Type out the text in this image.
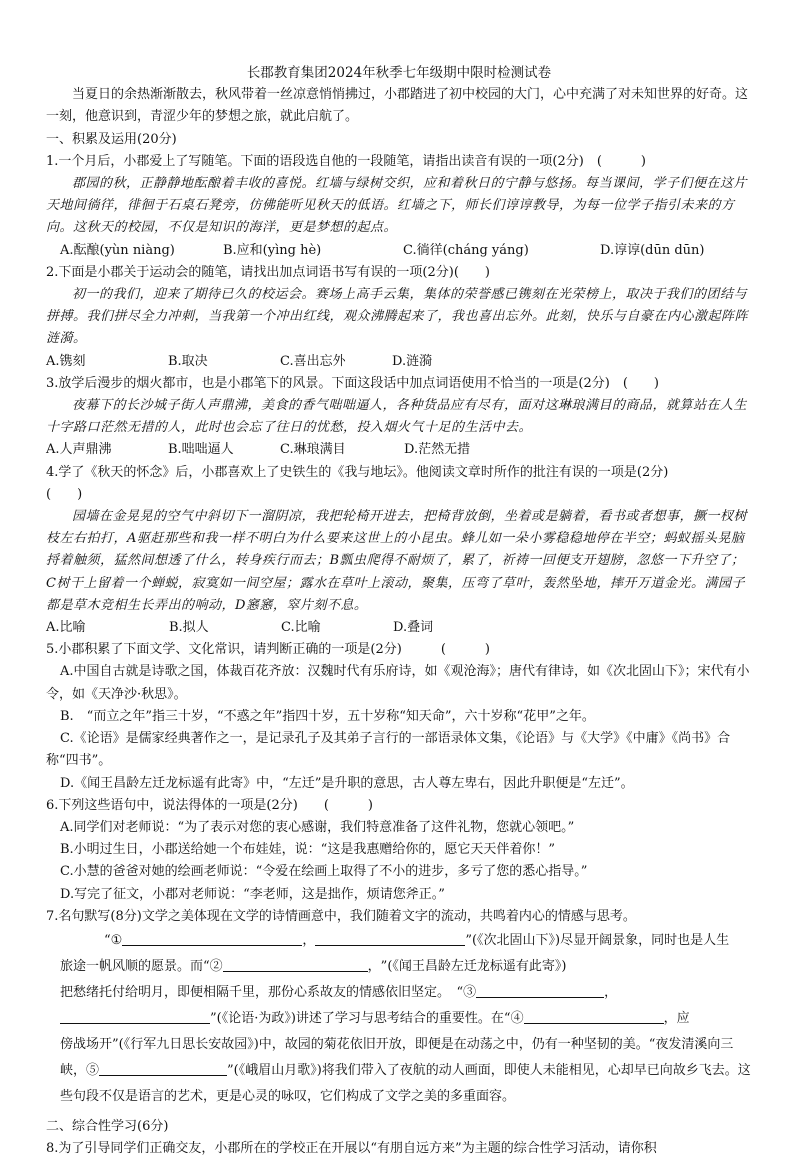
长郡教育集团2024年秋季七年级期中限时检测试卷

当夏日的余热渐渐散去，秋风带着一丝凉意悄悄拂过，小郡踏进了初中校园的大门，心中充满了对未知世界的好奇。这一刻，他意识到，青涩少年的梦想之旅，就此启航了。

一、积累及运用(20分)

1.一个月后，小郡爱上了写随笔。下面的语段选自他的一段随笔，请指出读音有误的一项(2分)　(　　　)

郡园的秋，正静静地酝酿着丰收的喜悦。红墙与绿树交织，应和着秋日的宁静与悠扬。每当课间，学子们便在这片天地间徜徉，徘徊于石桌石凳旁，仿佛能听见秋天的低语。红墙之下，师长们谆谆教导，为每一位学子指引未来的方向。这秋天的校园，不仅是知识的海洋，更是梦想的起点。

A.酝酿(yùn niàng)	B.应和(yìng hè)	C.徜徉(cháng yáng)	D.谆谆(dūn dūn)

2.下面是小郡关于运动会的随笔，请找出加点词语书写有误的一项(2分)(　　)

初一的我们，迎来了期待已久的校运会。赛场上高手云集，集体的荣誉感已镌刻在光荣榜上，取决于我们的团结与拼搏。我们拼尽全力冲刺，当我第一个冲出红线，观众沸腾起来了，我也喜出忘外。此刻，快乐与自豪在内心激起阵阵涟漪。

A.镌刻	B.取决	C.喜出忘外	D.涟漪

3.放学后漫步的烟火都市，也是小郡笔下的风景。下面这段话中加点词语使用不恰当的一项是(2分)　(　　)

夜幕下的长沙城子街人声鼎沸，美食的香气咄咄逼人，各种货品应有尽有，面对这琳琅满目的商品，就算站在人生十字路口茫然无措的人，此时也会忘了往日的忧愁，投入烟火气十足的生活中去。

A.人声鼎沸	B.咄咄逼人	C.琳琅满目	D.茫然无措

4.学了《秋天的怀念》后，小郡喜欢上了史铁生的《我与地坛》。他阅读文章时所作的批注有误的一项是(2分)

(　　)

园墙在金晃晃的空气中斜切下一溜阴凉，我把轮椅开进去，把椅背放倒，坐着或是躺着，看书或者想事，撅一杈树枝左右拍打，A驱赶那些和我一样不明白为什么要来这世上的小昆虫。蜂儿如一朵小雾稳稳地停在半空；蚂蚁摇头晃脑捋着触须，猛然间想透了什么，转身疾行而去；B瓢虫爬得不耐烦了，累了，祈祷一回便支开翅膀，忽悠一下升空了；C树干上留着一个蝉蜕，寂寞如一间空屋；露水在草叶上滚动，聚集，压弯了草叶，轰然坠地，摔开万道金光。满园子都是草木竞相生长弄出的响动，D窸窸，窣片刻不息。

A.比喻	B.拟人	C.比喻	D.叠词

5.小郡积累了下面文学、文化常识，请判断正确的一项是(2分)　　　(　　　)

A.中国自古就是诗歌之国，体裁百花齐放：汉魏时代有乐府诗，如《观沧海》；唐代有律诗，如《次北固山下》；宋代有小令，如《天净沙·秋思》。

B.　“而立之年”指三十岁，“不惑之年”指四十岁，五十岁称“知天命”，六十岁称“花甲”之年。

C.《论语》是儒家经典著作之一，是记录孔子及其弟子言行的一部语录体文集，《论语》与《大学》《中庸》《尚书》合称“四书”。

D.《闻王昌龄左迁龙标遥有此寄》中，“左迁”是升职的意思，古人尊左卑右，因此升职便是“左迁”。

6.下列这些语句中，说法得体的一项是(2分)　　(　　　)

A.同学们对老师说：“为了表示对您的衷心感谢，我们特意准备了这件礼物，您就心领吧。”

B.小明过生日，小郡送给她一个布娃娃，说：“这是我惠赠给你的，愿它天天伴着你！”

C.小慧的爸爸对她的绘画老师说：“令爱在绘画上取得了不小的进步，多亏了您的悉心指导。”

D.写完了征文，小郡对老师说：“李老师，这是拙作，烦请您斧正。”

7.名句默写(8分)文学之美体现在文学的诗情画意中，我们随着文字的流动，共鸣着内心的情感与思考。

“①	，	”(《次北固山下》)尽显开阔景象，同时也是人生
旅途一帆风顺的愿景。而“②	，”(《闻王昌龄左迁龙标遥有此寄》)
把愁绪托付给明月，即便相隔千里，那份心系故友的情感依旧坚定。　“③	，
”(《论语·为政》)讲述了学习与思考结合的重要性。在“④	，应
傍战场开”(《行军九日思长安故园》)中，故园的菊花依旧开放，即便是在动荡之中，仍有一种坚韧的美。“夜发清溪向三峡，⑤	”(《峨眉山月歌》)将我们带入了夜航的动人画面，即使人未能相见，心却早已向故乡飞去。这些句段不仅是语言的艺术，更是心灵的咏叹，它们构成了文学之美的多重面容。

二、综合性学习(6分)

8.为了引导同学们正确交友，小郡所在的学校正在开展以“有朋自远方来”为主题的综合性学习活动，请你积
